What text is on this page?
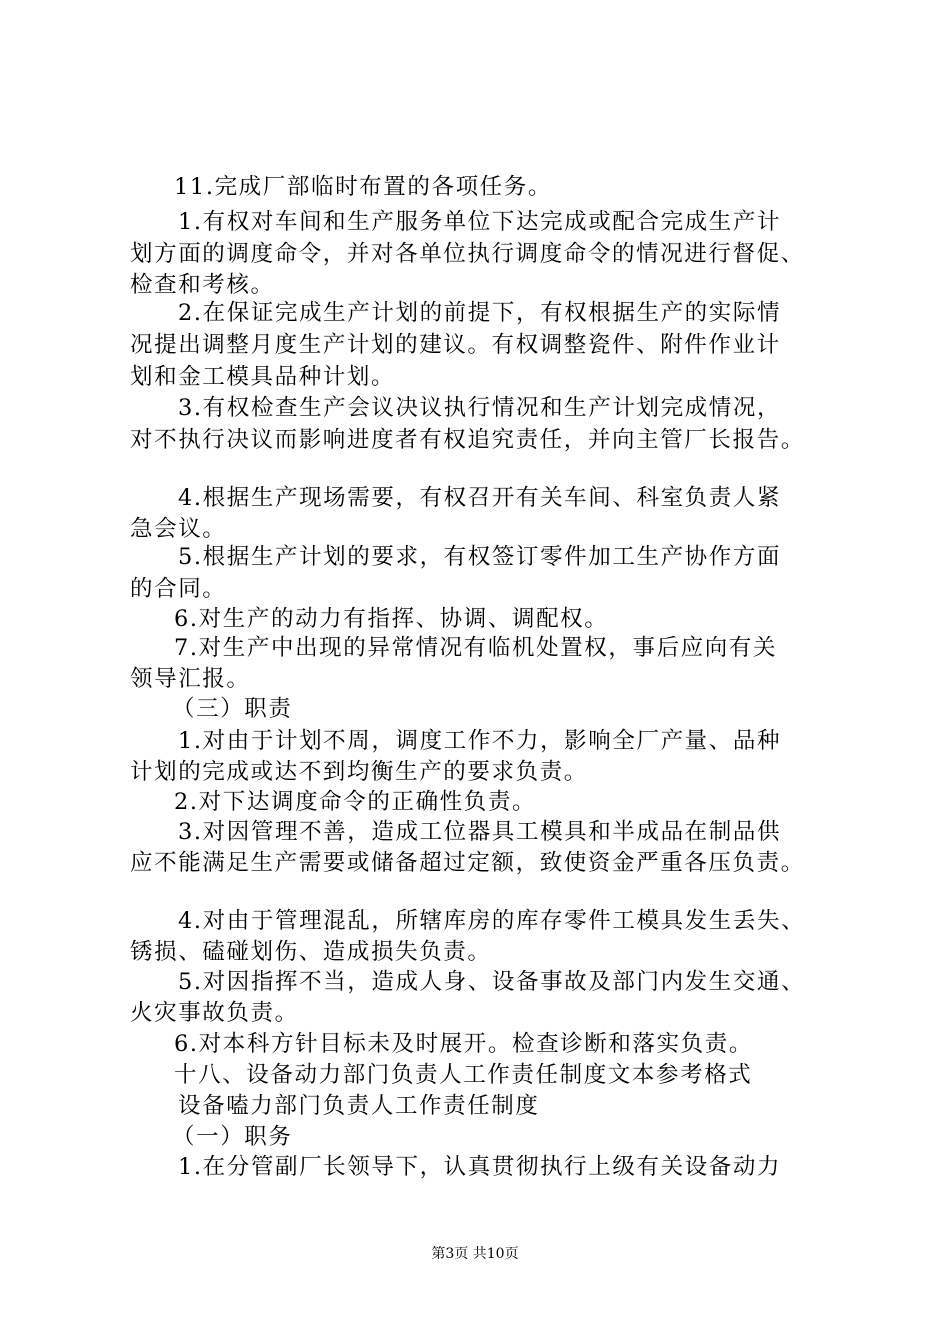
11.完成厂部临时布置的各项任务。
1.有权对车间和生产服务单位下达完成或配合完成生产计
划方面的调度命令，并对各单位执行调度命令的情况进行督促、
检查和考核。
2.在保证完成生产计划的前提下，有权根据生产的实际情
况提出调整月度生产计划的建议。有权调整瓷件、附件作业计
划和金工模具品种计划。
3.有权检查生产会议决议执行情况和生产计划完成情况，
对不执行决议而影响进度者有权追究责任，并向主管厂长报告。
4.根据生产现场需要，有权召开有关车间、科室负责人紧
急会议。
5.根据生产计划的要求，有权签订零件加工生产协作方面
的合同。
6.对生产的动力有指挥、协调、调配权。
7.对生产中出现的异常情况有临机处置权，事后应向有关
领导汇报。
（三）职责
1.对由于计划不周，调度工作不力，影响全厂产量、品种
计划的完成或达不到均衡生产的要求负责。
2.对下达调度命令的正确性负责。
3.对因管理不善，造成工位器具工模具和半成品在制品供
应不能满足生产需要或储备超过定额，致使资金严重各压负责。
4.对由于管理混乱，所辖库房的库存零件工模具发生丢失、
锈损、磕碰划伤、造成损失负责。
5.对因指挥不当，造成人身、设备事故及部门内发生交通、
火灾事故负责。
6.对本科方针目标未及时展开。检查诊断和落实负责。
十八、设备动力部门负责人工作责任制度文本参考格式
设备嗑力部门负责人工作责任制度
（一）职务
1.在分管副厂长领导下，认真贯彻执行上级有关设备动力
第3页 共10页
